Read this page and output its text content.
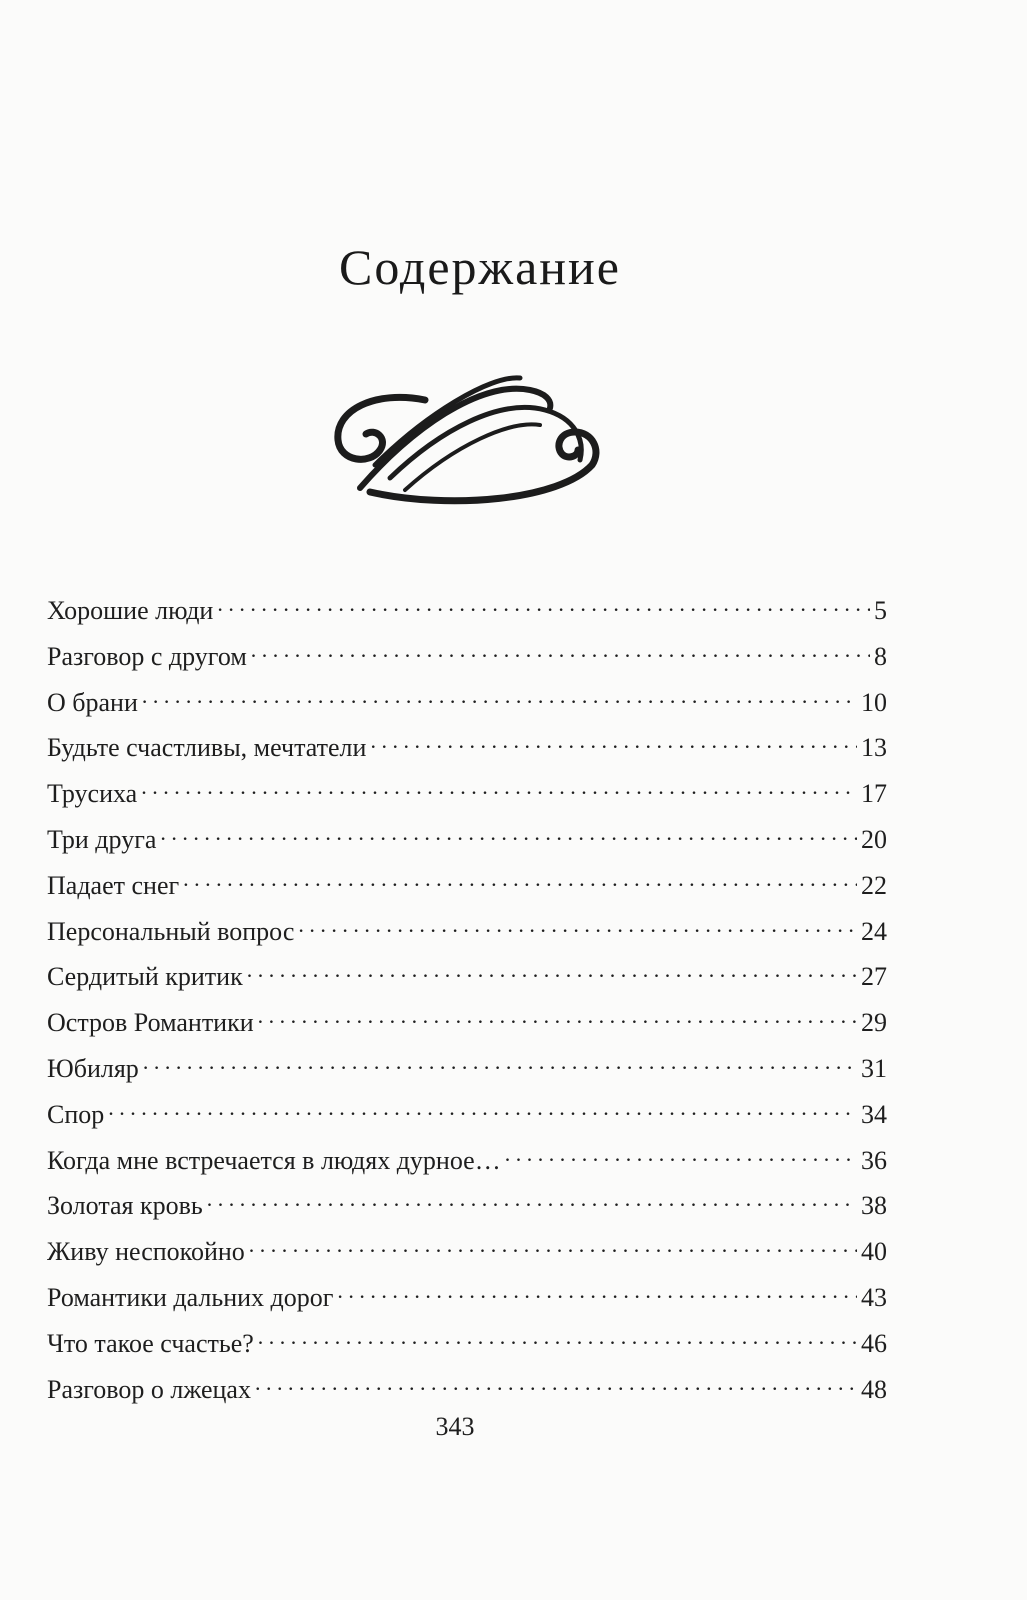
Содержание
Хорошие люди . . .	5
Разговор с другом . . .	8
О брани . . .	10
Будьте счастливы, мечтатели . . .	13
Трусиха . . .	17
Три друга . . .	20
Падает снег . . .	22
Персональный вопрос . . .	24
Сердитый критик . . .	27
Остров Романтики . . .	29
Юбиляр . . .	31
Спор . . .	34
Когда мне встречается в людях дурное… . . .	36
Золотая кровь . . .	38
Живу неспокойно . . .	40
Романтики дальних дорог . . .	43
Что такое счастье? . . .	46
Разговор о лжецах . . .	48
343
